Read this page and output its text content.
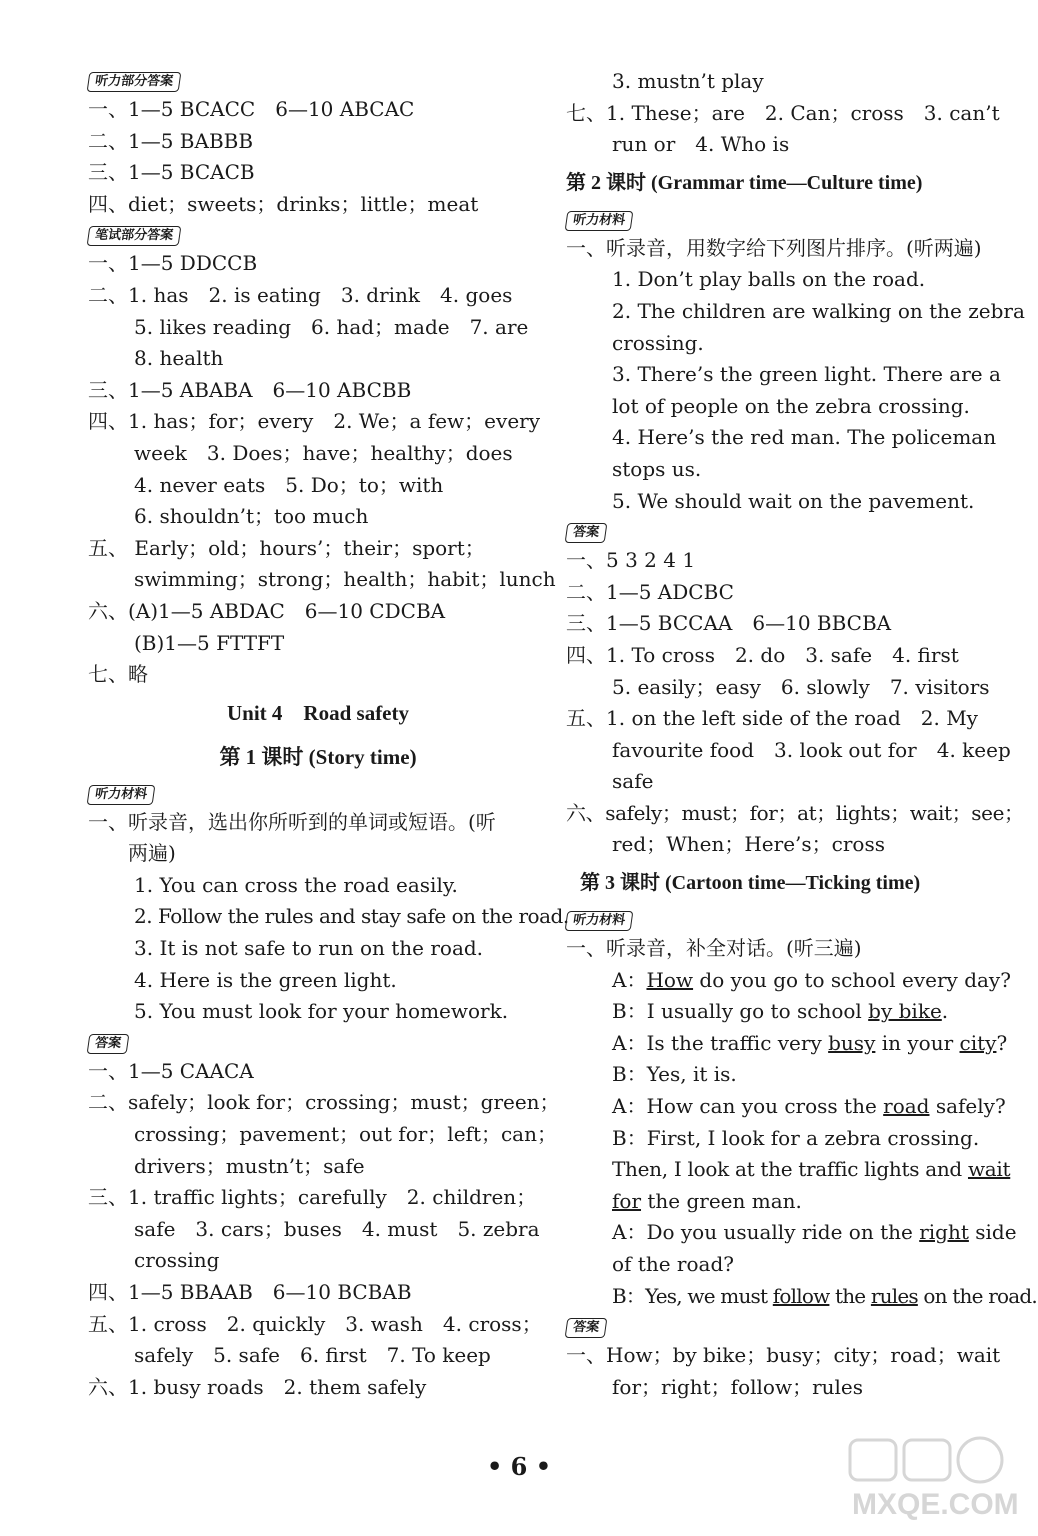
听力部分答案
一、1—5 BCACC　6—10 ABCAC
二、1—5 BABBB
三、1—5 BCACB
四、diet；sweets；drinks；little；meat
笔试部分答案
一、1—5 DDCCB
二、1. has　2. is eating　3. drink　4. goes
5. likes reading　6. had；made　7. are
8. health
三、1—5 ABABA　6—10 ABCBB
四、1. has；for；every　2. We；a few；every
week　3. Does；have；healthy；does
4. never eats　5. Do；to；with
6. shouldn’t；too much
五、 Early；old；hours’；their；sport；
swimming；strong；health；habit；lunch
六、(A)1—5 ABDAC　6—10 CDCBA
(B)1—5 FTTFT
七、略
Unit 4　Road safety
第 1 课时 (Story time)
听力材料
一、听录音，选出你所听到的单词或短语。(听
两遍)
1. You can cross the road easily.
2. Follow the rules and stay safe on the road.
3. It is not safe to run on the road.
4. Here is the green light.
5. You must look for your homework.
答案
一、1—5 CAACA
二、safely；look for；crossing；must；green；
crossing；pavement；out for；left；can；
drivers；mustn’t；safe
三、1. traffic lights；carefully　2. children；
safe　3. cars；buses　4. must　5. zebra
crossing
四、1—5 BBAAB　6—10 BCBAB
五、1. cross　2. quickly　3. wash　4. cross；
safely　5. safe　6. first　7. To keep
六、1. busy roads　2. them safely
3. mustn’t play
七、1. These；are　2. Can；cross　3. can’t
run or　4. Who is
第 2 课时 (Grammar time—Culture time)
听力材料
一、听录音，用数字给下列图片排序。(听两遍)
1. Don’t play balls on the road.
2. The children are walking on the zebra
crossing.
3. There’s the green light. There are a
lot of people on the zebra crossing.
4. Here’s the red man. The policeman
stops us.
5. We should wait on the pavement.
答案
一、5 3 2 4 1
二、1—5 ADCBC
三、1—5 BCCAA　6—10 BBCBA
四、1. To cross　2. do　3. safe　4. first
5. easily；easy　6. slowly　7. visitors
五、1. on the left side of the road　2. My
favourite food　3. look out for　4. keep
safe
六、safely；must；for；at；lights；wait；see；
red；When；Here’s；cross
第 3 课时 (Cartoon time—Ticking time)
听力材料
一、听录音，补全对话。(听三遍)
A：How do you go to school every day?
B：I usually go to school by bike.
A：Is the traffic very busy in your city?
B：Yes, it is.
A：How can you cross the road safely?
B：First, I look for a zebra crossing.
Then, I look at the traffic lights and wait
for the green man.
A：Do you usually ride on the right side
of the road?
B：Yes, we must follow the rules on the road.
答案
一、How；by bike；busy；city；road；wait
for；right；follow；rules
• 6 •
MXQE.COM
